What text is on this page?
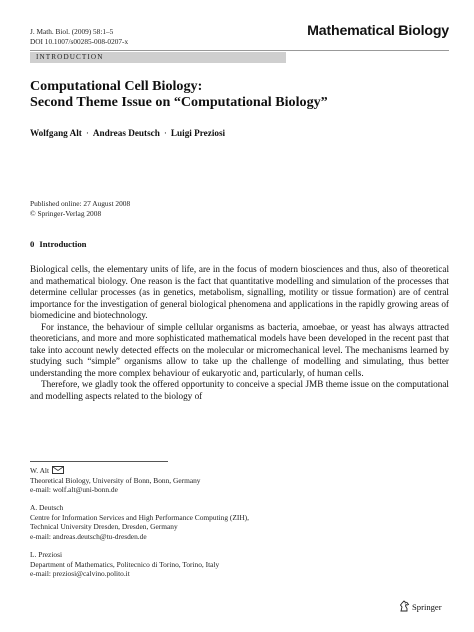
J. Math. Biol. (2009) 58:1–5
DOI 10.1007/s00285-008-0207-x
Mathematical Biology
INTRODUCTION
Computational Cell Biology:
Second Theme Issue on “Computational Biology”
Wolfgang Alt · Andreas Deutsch · Luigi Preziosi
Published online: 27 August 2008
© Springer-Verlag 2008
0 Introduction

Biological cells, the elementary units of life, are in the focus of modern biosciences and thus, also of theoretical and mathematical biology. One reason is the fact that quantitative modelling and simulation of the processes that determine cellular processes (as in genetics, metabolism, signalling, motility or tissue formation) are of central importance for the investigation of general biological phenomena and applications in the rapidly growing areas of biomedicine and biotechnology.

For instance, the behaviour of simple cellular organisms as bacteria, amoebae, or yeast has always attracted theoreticians, and more and more sophisticated mathematical models have been developed in the recent past that take into account newly detected effects on the molecular or micromechanical level. The mechanisms learned by studying such “simple” organisms allow to take up the challenge of modelling and simulating, thus better understanding the more complex behaviour of eukaryotic and, particularly, of human cells.

Therefore, we gladly took the offered opportunity to conceive a special JMB theme issue on the computational and modelling aspects related to the biology of

W. Alt
Theoretical Biology, University of Bonn, Bonn, Germany
e-mail: wolf.alt@uni-bonn.de
A. Deutsch
Centre for Information Services and High Performance Computing (ZIH),
Technical University Dresden, Dresden, Germany
e-mail: andreas.deutsch@tu-dresden.de
L. Preziosi
Department of Mathematics, Politecnico di Torino, Torino, Italy
e-mail: preziosi@calvino.polito.it
Springer
